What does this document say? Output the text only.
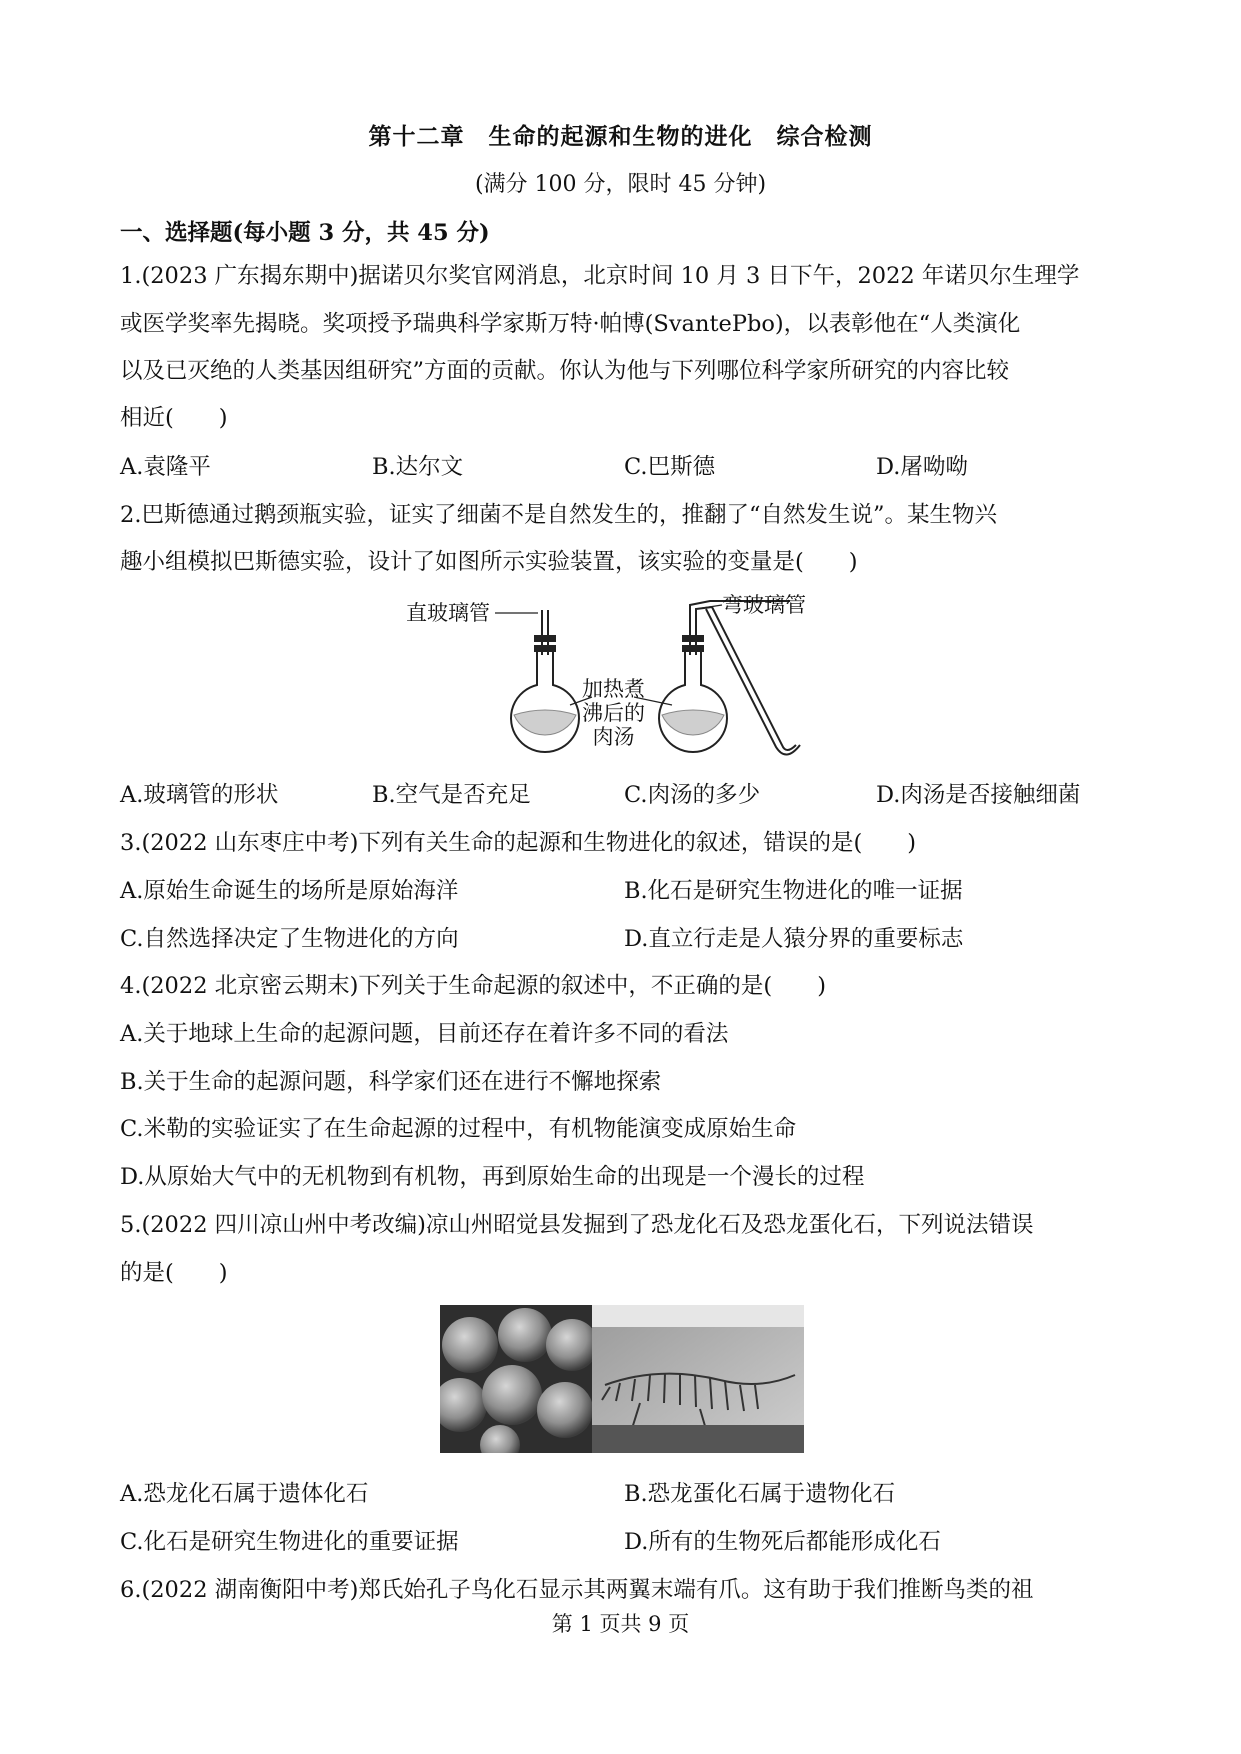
第十二章　生命的起源和生物的进化　综合检测
(满分 100 分，限时 45 分钟)
一、选择题(每小题 3 分，共 45 分)
1.(2023 广东揭东期中)据诺贝尔奖官网消息，北京时间 10 月 3 日下午，2022 年诺贝尔生理学
或医学奖率先揭晓。奖项授予瑞典科学家斯万特·帕博(SvantePbo)，以表彰他在“人类演化
以及已灭绝的人类基因组研究”方面的贡献。你认为他与下列哪位科学家所研究的内容比较
相近(　　)
A.袁隆平	B.达尔文	C.巴斯德	D.屠呦呦
2.巴斯德通过鹅颈瓶实验，证实了细菌不是自然发生的，推翻了“自然发生说”。某生物兴
趣小组模拟巴斯德实验，设计了如图所示实验装置，该实验的变量是(　　)
直玻璃管	弯玻璃管
加热煮
沸后的
肉汤
A.玻璃管的形状	B.空气是否充足	C.肉汤的多少	D.肉汤是否接触细菌
3.(2022 山东枣庄中考)下列有关生命的起源和生物进化的叙述，错误的是(　　)
A.原始生命诞生的场所是原始海洋	B.化石是研究生物进化的唯一证据
C.自然选择决定了生物进化的方向	D.直立行走是人猿分界的重要标志
4.(2022 北京密云期末)下列关于生命起源的叙述中，不正确的是(　　)
A.关于地球上生命的起源问题，目前还存在着许多不同的看法
B.关于生命的起源问题，科学家们还在进行不懈地探索
C.米勒的实验证实了在生命起源的过程中，有机物能演变成原始生命
D.从原始大气中的无机物到有机物，再到原始生命的出现是一个漫长的过程
5.(2022 四川凉山州中考改编)凉山州昭觉县发掘到了恐龙化石及恐龙蛋化石，下列说法错误
的是(　　)
A.恐龙化石属于遗体化石	B.恐龙蛋化石属于遗物化石
C.化石是研究生物进化的重要证据	D.所有的生物死后都能形成化石
6.(2022 湖南衡阳中考)郑氏始孔子鸟化石显示其两翼末端有爪。这有助于我们推断鸟类的祖
第 1 页共 9 页
